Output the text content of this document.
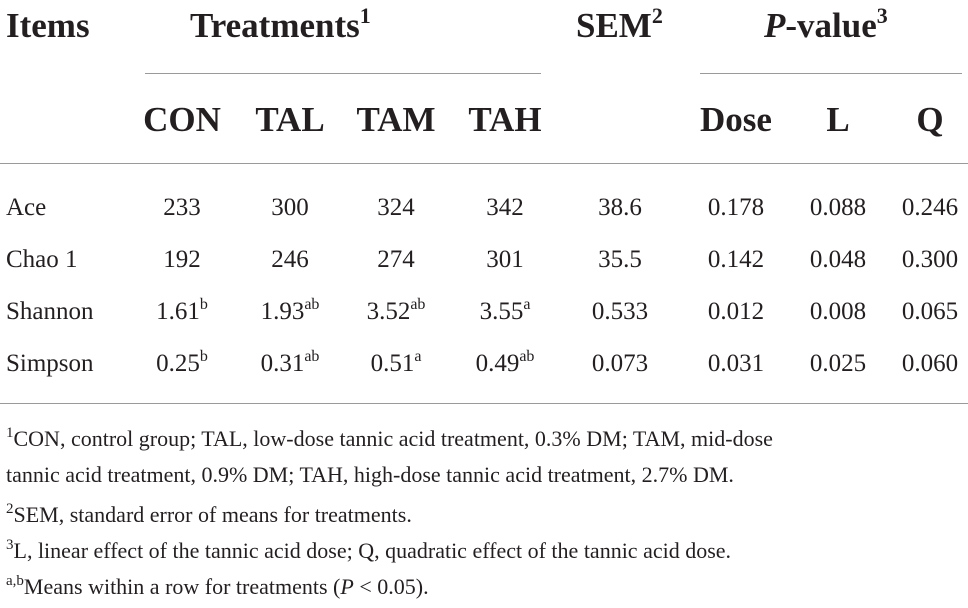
Items	Treatments$^1$	SEM$^2$	P-value$^3$
CON TAL TAM TAH	Dose	L	Q
Ace	233	300	324	342	38.6	0.178	0.088	0.246
Chao 1	192	246	274	301	35.5	0.142	0.048	0.300
Shannon	1.61$^b$	1.93$^{ab}$	3.52$^{ab}$	3.55$^a$	0.533	0.012	0.008	0.065
Simpson	0.25$^b$	0.31$^{ab}$	0.51$^a$	0.49$^{ab}$	0.073	0.031	0.025	0.060
$^1$CON, control group; TAL, low-dose tannic acid treatment, 0.3% DM; TAM, mid-dose
tannic acid treatment, 0.9% DM; TAH, high-dose tannic acid treatment, 2.7% DM.
$^2$SEM, standard error of means for treatments.
$^3$L, linear effect of the tannic acid dose; Q, quadratic effect of the tannic acid dose.
$^{a,b}$Means within a row for treatments (P < 0.05).
